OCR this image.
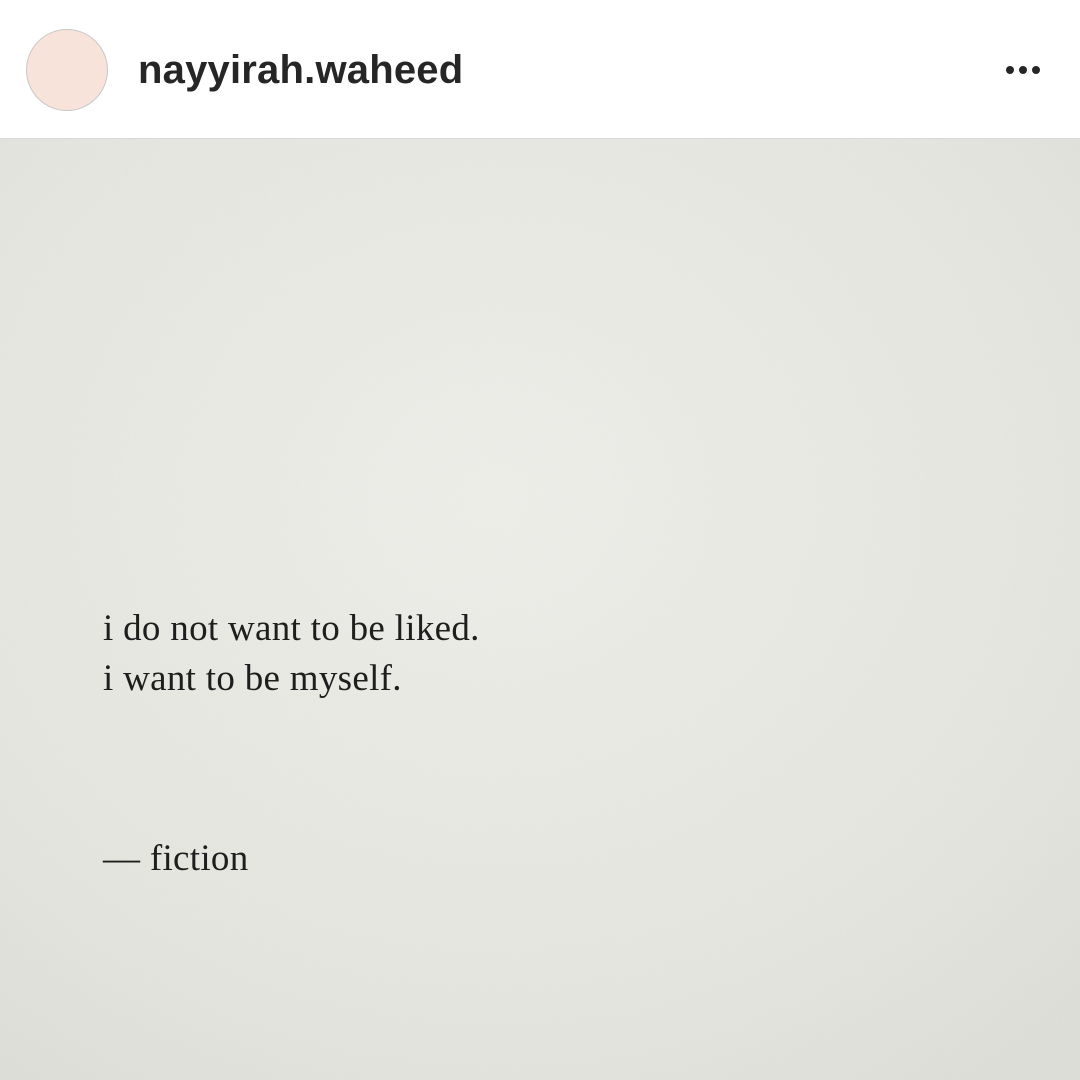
nayyirah.waheed
i do not want to be liked.
i want to be myself.
— fiction
